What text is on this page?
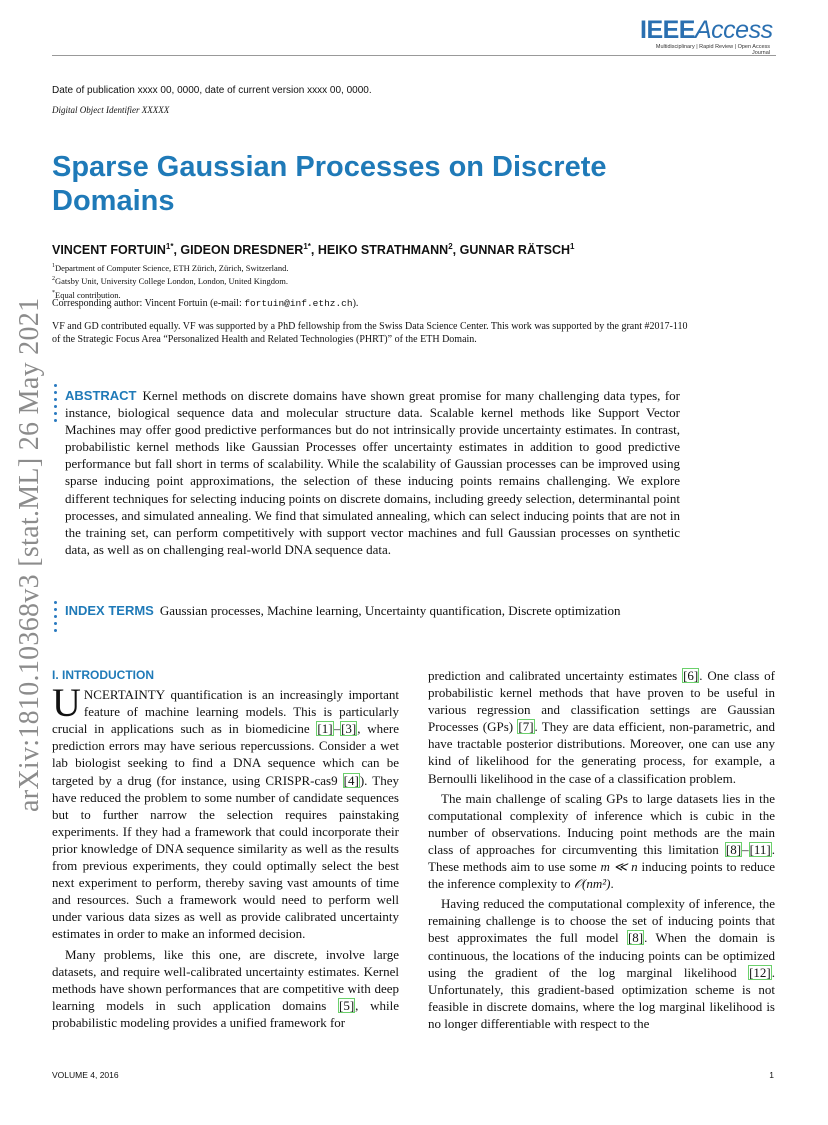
IEEEAccess
Multidisciplinary | Rapid Review | Open Access Journal
Date of publication xxxx 00, 0000, date of current version xxxx 00, 0000.
Digital Object Identifier XXXXX
Sparse Gaussian Processes on Discrete Domains
VINCENT $FORTUIN^{1*}$, GIDEON $DRESDNER^{1*}$, HEIKO STRATHMANN$^2$, GUNNAR RÄTSCH$^1$
$^1$Department of Computer Science, ETH Zürich, Zürich, Switzerland.
$^2$Gatsby Unit, University College London, London, United Kingdom.
*Equal contribution.
Corresponding author: Vincent Fortuin (e-mail: fortuin@inf.ethz.ch).
VF and GD contributed equally. VF was supported by a PhD fellowship from the Swiss Data Science Center. This work was supported by the grant #2017-110 of the Strategic Focus Area “Personalized Health and Related Technologies (PHRT)” of the ETH Domain.
arXiv:1810.10368v3 [stat.ML] 26 May 2021 ABSTRACT Kernel methods on discrete domains have shown great promise for many challenging data types, for instance, biological sequence data and molecular structure data. Scalable kernel methods like Support Vector Machines may offer good predictive performances but do not intrinsically provide uncertainty estimates. In contrast, probabilistic kernel methods like Gaussian Processes offer uncertainty estimates in addition to good predictive performance but fall short in terms of scalability. While the scalability of Gaussian processes can be improved using sparse inducing point approximations, the selection of these inducing points remains challenging. We explore different techniques for selecting inducing points on discrete domains, including greedy selection, determinantal point processes, and simulated annealing. We find that simulated annealing, which can select inducing points that are not in the training set, can perform competitively with support vector machines and full Gaussian processes on synthetic data, as well as on challenging real-world DNA sequence data.
INDEX TERMS Gaussian processes, Machine learning, Uncertainty quantification, Discrete optimization
I. INTRODUCTION

UNCERTAINTY quantification is an increasingly important feature of machine learning models. This is particularly crucial in applications such as in biomedicine [1]–[3], where prediction errors may have serious repercussions. Consider a wet lab biologist seeking to find a DNA sequence which can be targeted by a drug (for instance, using CRISPR-cas9 [4]). They have reduced the problem to some number of candidate sequences but to further narrow the selection requires painstaking experiments. If they had a framework that could incorporate their prior knowledge of DNA sequence similarity as well as the results from previous experiments, they could optimally select the best next experiment to perform, thereby saving vast amounts of time and resources. Such a framework would need to perform well under various data sizes as well as provide calibrated uncertainty estimates in order to make an informed decision.

Many problems, like this one, are discrete, involve large datasets, and require well-calibrated uncertainty estimates. Kernel methods have shown performances that are competitive with deep learning models in such application domains [5], while probabilistic modeling provides a unified framework for

prediction and calibrated uncertainty estimates [6]. One class of probabilistic kernel methods that have proven to be useful in various regression and classification settings are Gaussian Processes (GPs) [7]. They are data efficient, non-parametric, and have tractable posterior distributions. Moreover, one can use any kind of likelihood for the generating process, for example, a Bernoulli likelihood in the case of a classification problem.

The main challenge of scaling GPs to large datasets lies in the computational complexity of inference which is cubic in the number of observations. Inducing point methods are the main class of approaches for circumventing this limitation [8]–[11]. These methods aim to use some m ≪ n inducing points to reduce the inference complexity to 𝒪(nm²).

Having reduced the computational complexity of inference, the remaining challenge is to choose the set of inducing points that best approximates the full model [8]. When the domain is continuous, the locations of the inducing points can be optimized using the gradient of the log marginal likelihood [12]. Unfortunately, this gradient-based optimization scheme is not feasible in discrete domains, where the log marginal likelihood is no longer differentiable with respect to the

VOLUME 4, 2016	1
